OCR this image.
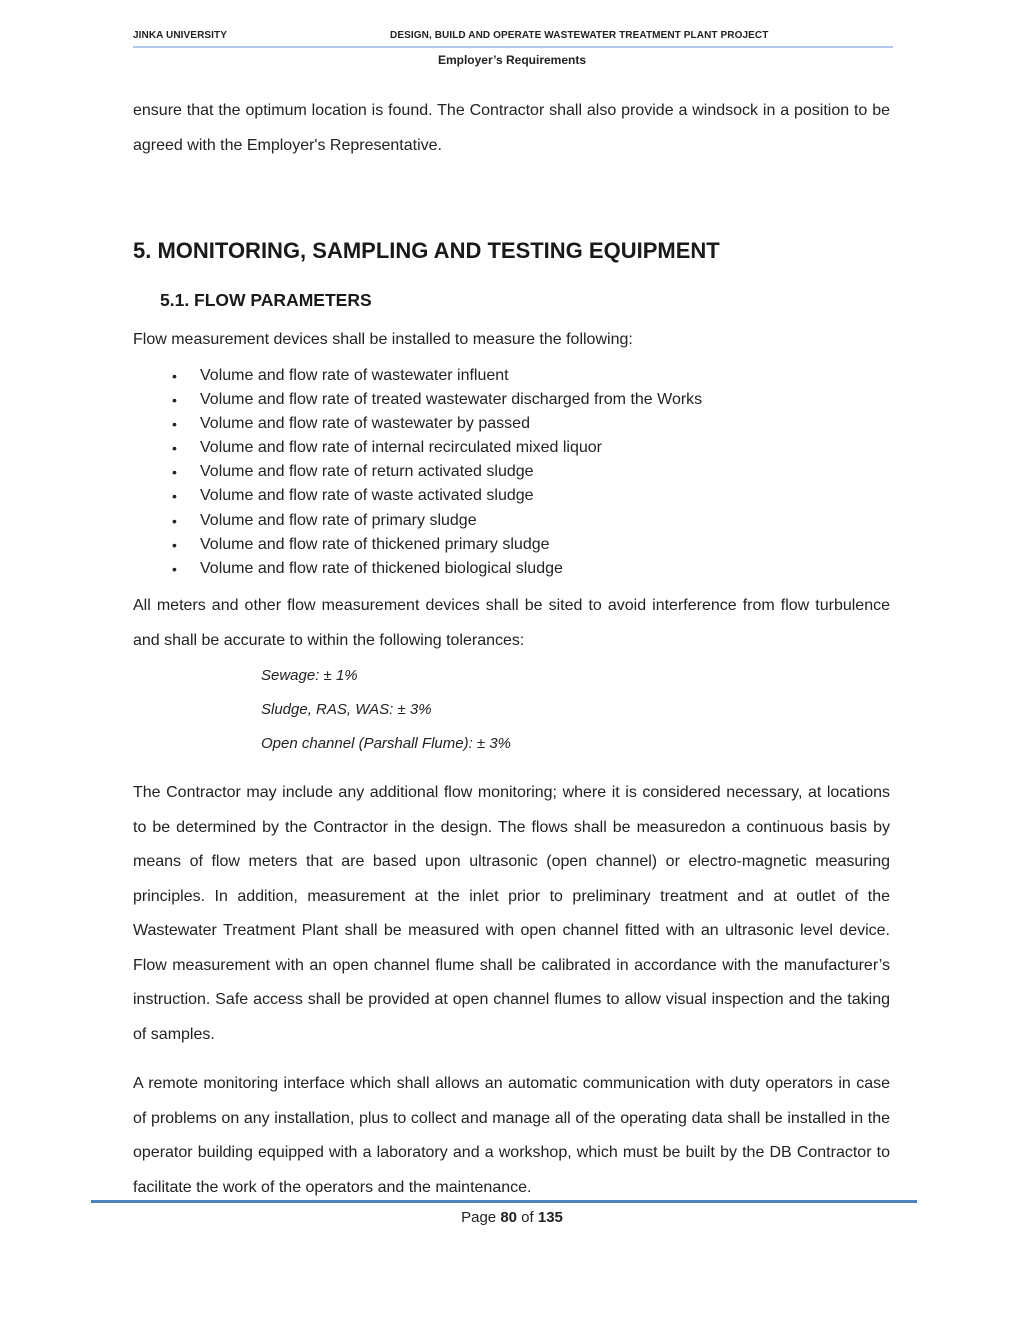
JINKA UNIVERSITY	DESIGN, BUILD AND OPERATE WASTEWATER TREATMENT PLANT PROJECT
Employer’s Requirements

ensure that the optimum location is found. The Contractor shall also provide a windsock in a position to be agreed with the Employer's Representative.

5. MONITORING, SAMPLING AND TESTING EQUIPMENT
5.1. FLOW PARAMETERS

Flow measurement devices shall be installed to measure the following:

• Volume and flow rate of wastewater influent
• Volume and flow rate of treated wastewater discharged from the Works
• Volume and flow rate of wastewater by passed
• Volume and flow rate of internal recirculated mixed liquor
• Volume and flow rate of return activated sludge
• Volume and flow rate of waste activated sludge
• Volume and flow rate of primary sludge
• Volume and flow rate of thickened primary sludge
• Volume and flow rate of thickened biological sludge

All meters and other flow measurement devices shall be sited to avoid interference from flow turbulence and shall be accurate to within the following tolerances:

Sewage: ± 1%

Sludge, RAS, WAS: ± 3%

Open channel (Parshall Flume): ± 3%

The Contractor may include any additional flow monitoring; where it is considered necessary, at locations to be determined by the Contractor in the design. The flows shall be measuredon a continuous basis by means of flow meters that are based upon ultrasonic (open channel) or electro-magnetic measuring principles. In addition, measurement at the inlet prior to preliminary treatment and at outlet of the Wastewater Treatment Plant shall be measured with open channel fitted with an ultrasonic level device. Flow measurement with an open channel flume shall be calibrated in accordance with the manufacturer’s instruction. Safe access shall be provided at open channel flumes to allow visual inspection and the taking of samples.

A remote monitoring interface which shall allows an automatic communication with duty operators in case of problems on any installation, plus to collect and manage all of the operating data shall be installed in the operator building equipped with a laboratory and a workshop, which must be built by the DB Contractor to facilitate the work of the operators and the maintenance.

Page 80 of 135
